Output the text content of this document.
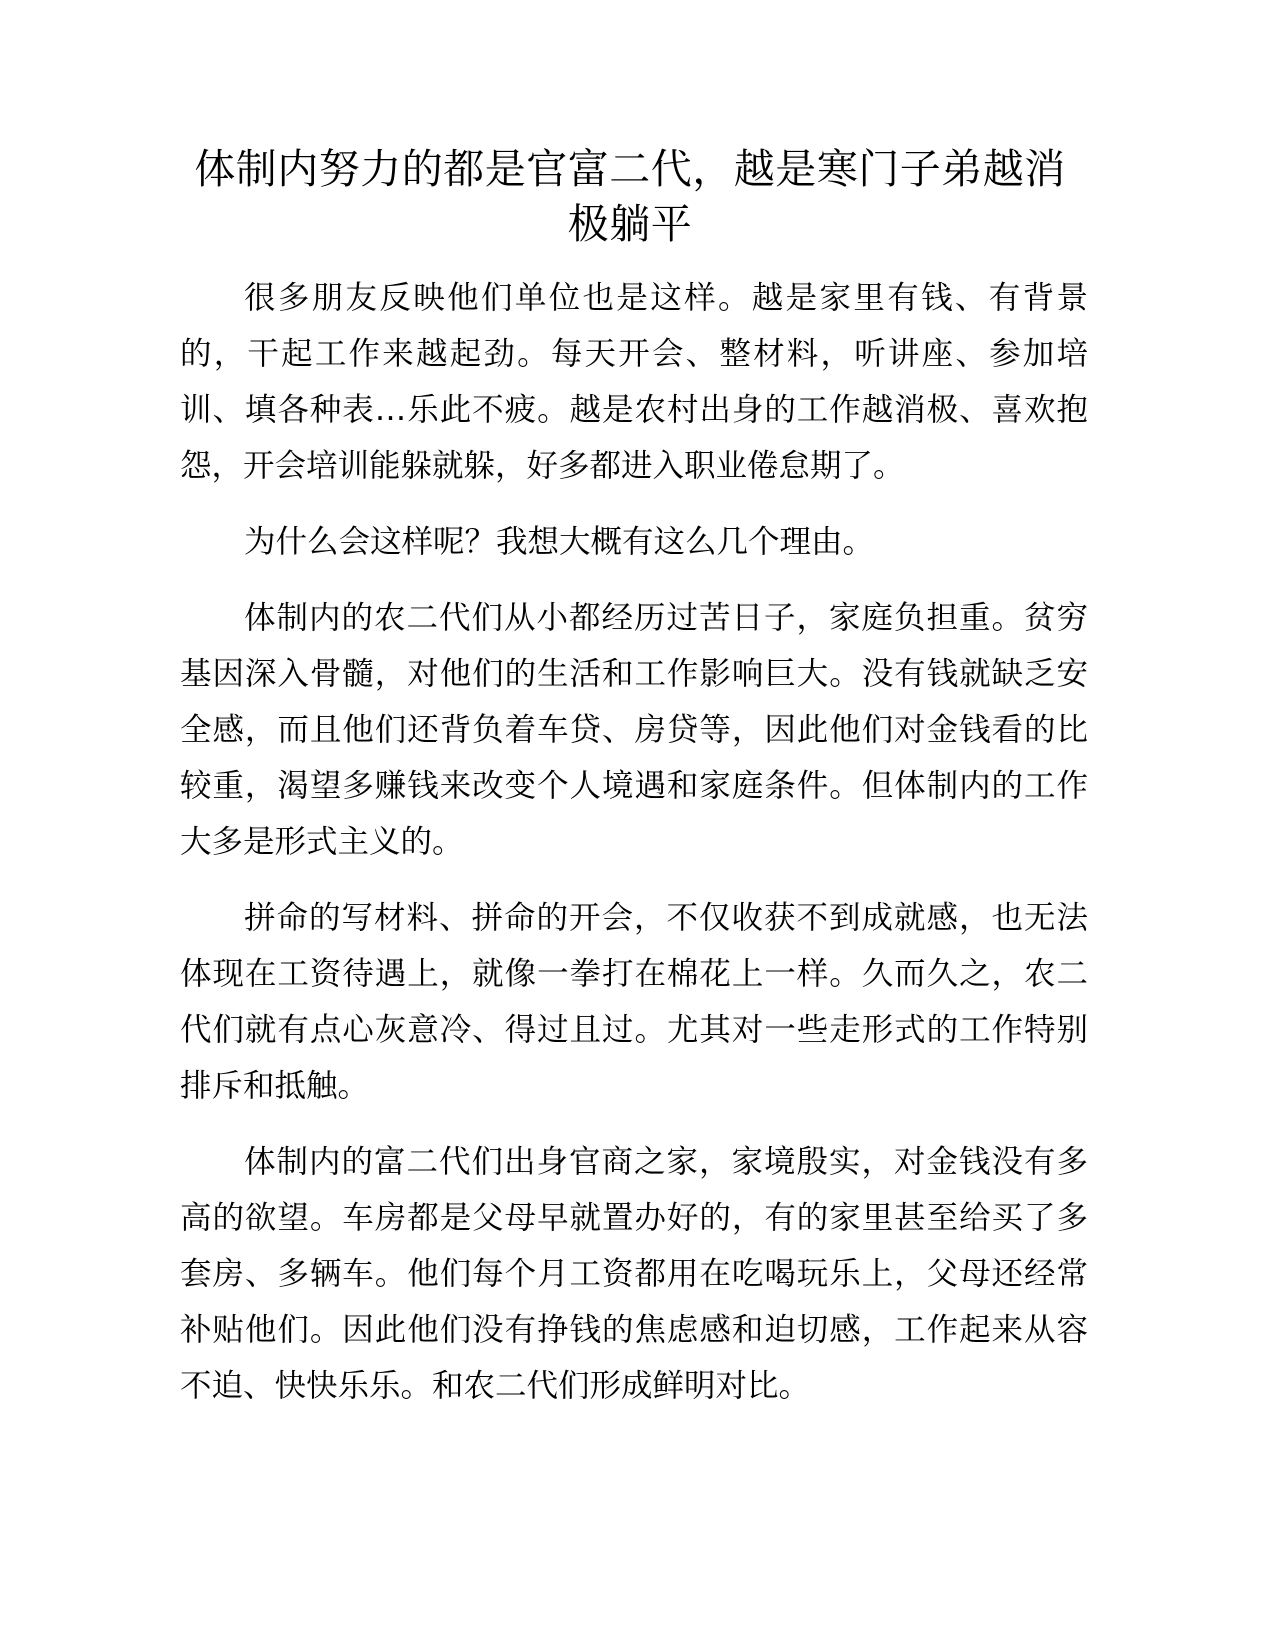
体制内努力的都是官富二代，越是寒门子弟越消极躺平

很多朋友反映他们单位也是这样。越是家里有钱、有背景的，干起工作来越起劲。每天开会、整材料，听讲座、参加培训、填各种表…乐此不疲。越是农村出身的工作越消极、喜欢抱怨，开会培训能躲就躲，好多都进入职业倦怠期了。

为什么会这样呢？我想大概有这么几个理由。

体制内的农二代们从小都经历过苦日子，家庭负担重。贫穷基因深入骨髓，对他们的生活和工作影响巨大。没有钱就缺乏安全感，而且他们还背负着车贷、房贷等，因此他们对金钱看的比较重，渴望多赚钱来改变个人境遇和家庭条件。但体制内的工作大多是形式主义的。

拼命的写材料、拼命的开会，不仅收获不到成就感，也无法体现在工资待遇上，就像一拳打在棉花上一样。久而久之，农二代们就有点心灰意冷、得过且过。尤其对一些走形式的工作特别排斥和抵触。

体制内的富二代们出身官商之家，家境殷实，对金钱没有多高的欲望。车房都是父母早就置办好的，有的家里甚至给买了多套房、多辆车。他们每个月工资都用在吃喝玩乐上，父母还经常补贴他们。因此他们没有挣钱的焦虑感和迫切感，工作起来从容不迫、快快乐乐。和农二代们形成鲜明对比。
